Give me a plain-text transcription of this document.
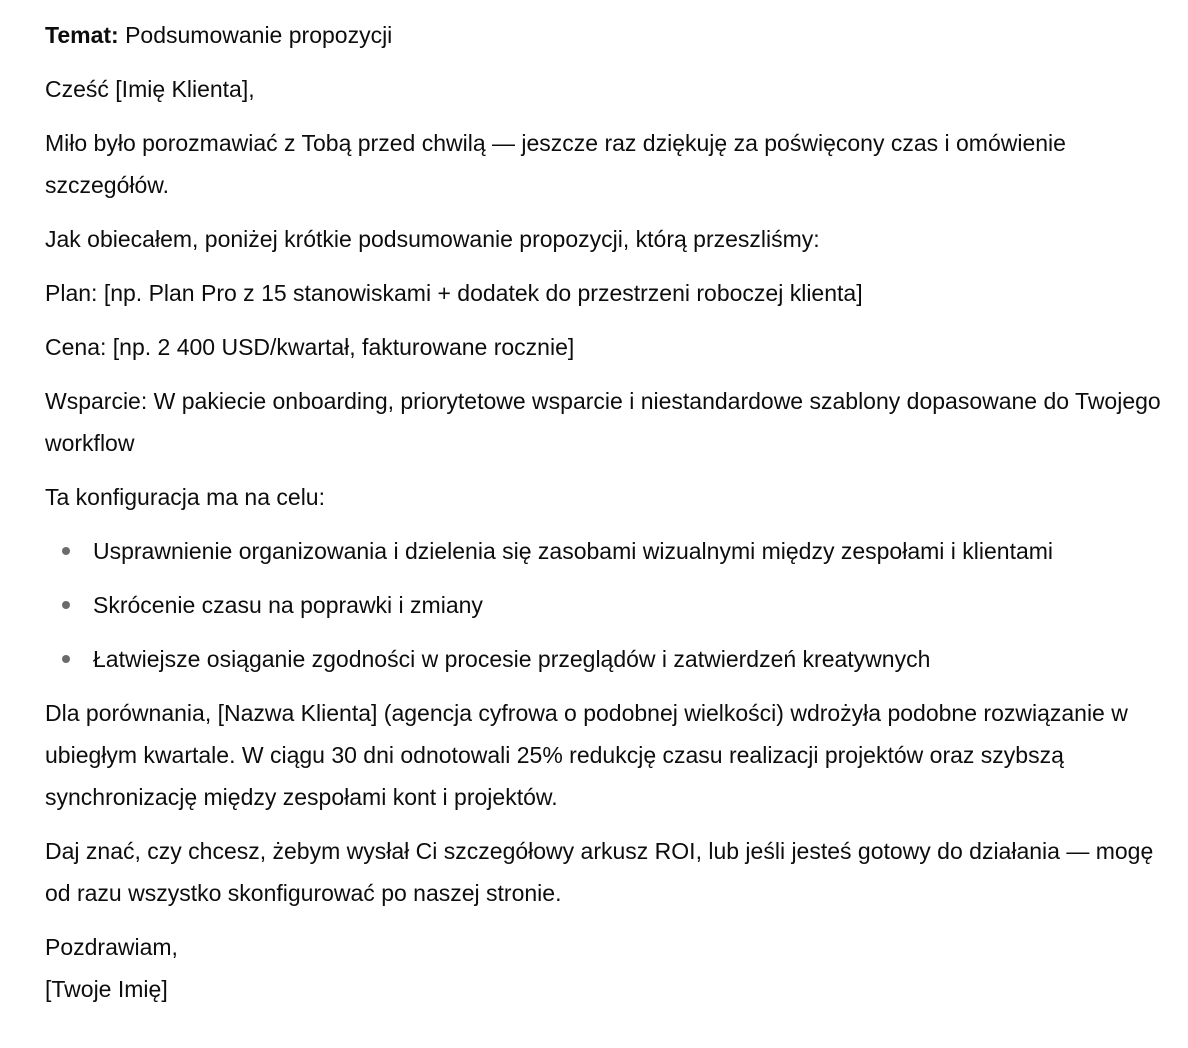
Temat: Podsumowanie propozycji

Cześć [Imię Klienta],

Miło było porozmawiać z Tobą przed chwilą — jeszcze raz dziękuję za poświęcony czas i omówienie szczegółów.

Jak obiecałem, poniżej krótkie podsumowanie propozycji, którą przeszliśmy:

Plan: [np. Plan Pro z 15 stanowiskami + dodatek do przestrzeni roboczej klienta]

Cena: [np. 2 400 USD/kwartał, fakturowane rocznie]

Wsparcie: W pakiecie onboarding, priorytetowe wsparcie i niestandardowe szablony dopasowane do Twojego workflow

Ta konfiguracja ma na celu:

Usprawnienie organizowania i dzielenia się zasobami wizualnymi między zespołami i klientami
Skrócenie czasu na poprawki i zmiany
Łatwiejsze osiąganie zgodności w procesie przeglądów i zatwierdzeń kreatywnych

Dla porównania, [Nazwa Klienta] (agencja cyfrowa o podobnej wielkości) wdrożyła podobne rozwiązanie w ubiegłym kwartale. W ciągu 30 dni odnotowali 25% redukcję czasu realizacji projektów oraz szybszą synchronizację między zespołami kont i projektów.

Daj znać, czy chcesz, żebym wysłał Ci szczegółowy arkusz ROI, lub jeśli jesteś gotowy do działania — mogę od razu wszystko skonfigurować po naszej stronie.

Pozdrawiam,

[Twoje Imię]
